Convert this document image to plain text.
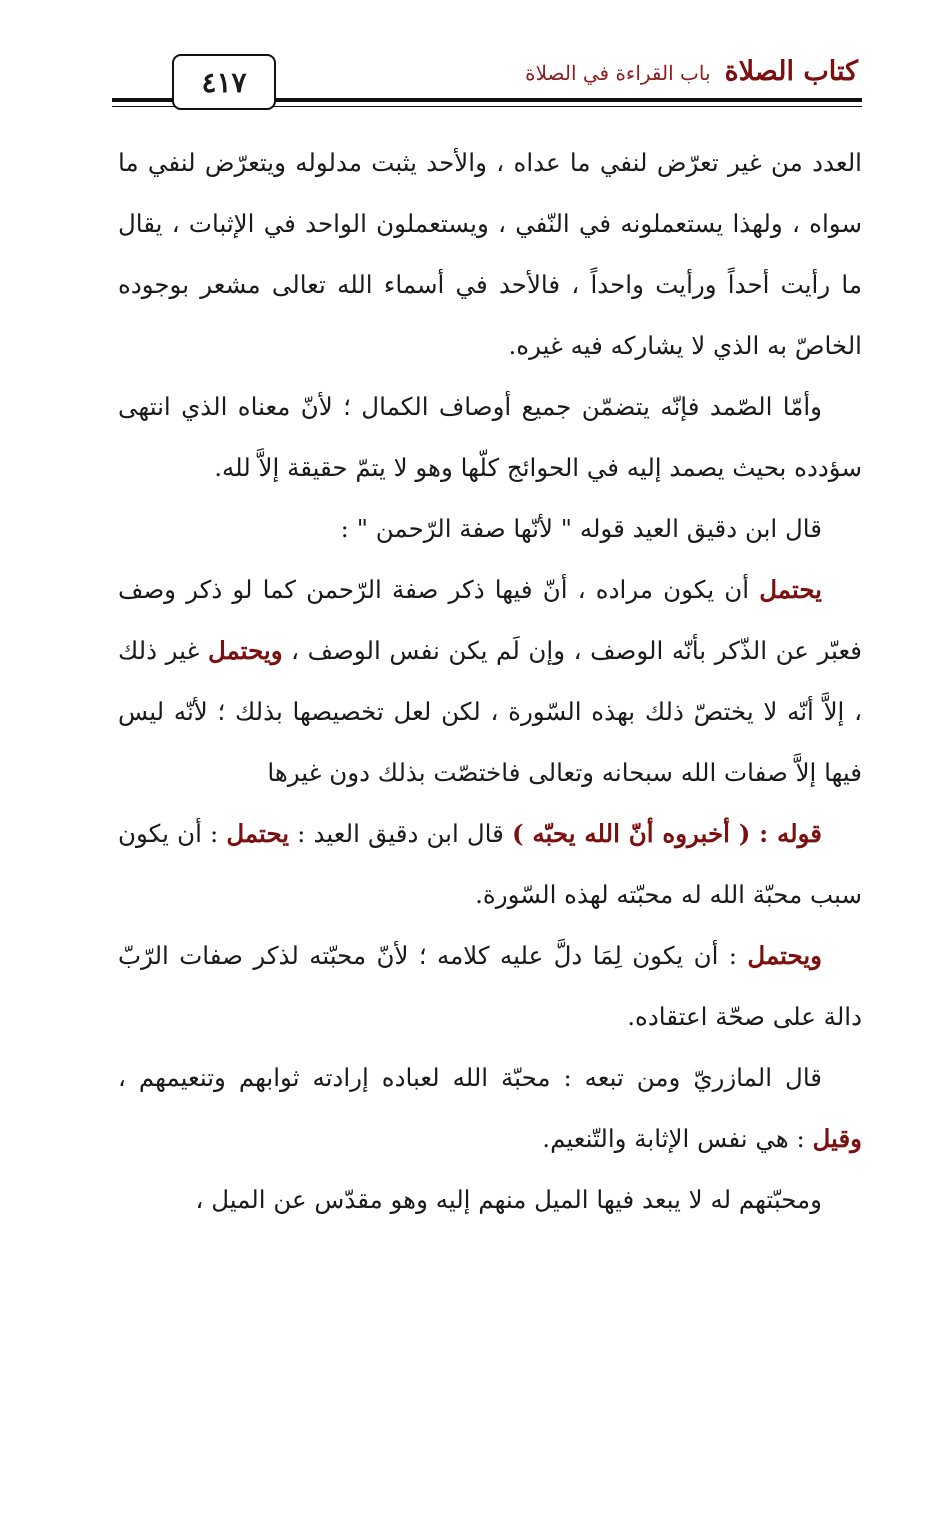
٤١٧	كتاب الصلاة
باب القراءة في الصلاة

العدد من غير تعرّض لنفي ما عداه ، والأحد يثبت مدلوله ويتعرّض لنفي ما سواه ، ولهذا يستعملونه في النّفي ، ويستعملون الواحد في الإثبات ، يقال ما رأيت أحداً ورأيت واحداً ، فالأحد في أسماء الله تعالى مشعر بوجوده الخاصّ به الذي لا يشاركه فيه غيره.

وأمّا الصّمد فإنّه يتضمّن جميع أوصاف الكمال ؛ لأنّ معناه الذي انتهى سؤدده بحيث يصمد إليه في الحوائج كلّها وهو لا يتمّ حقيقة إلاَّ لله.

قال ابن دقيق العيد قوله " لأنّها صفة الرّحمن " :

يحتمل أن يكون مراده ، أنّ فيها ذكر صفة الرّحمن كما لو ذكر وصف فعبّر عن الذّكر بأنّه الوصف ، وإن لَم يكن نفس الوصف ، ويحتمل غير ذلك ، إلاَّ أنّه لا يختصّ ذلك بهذه السّورة ، لكن لعل تخصيصها بذلك ؛ لأنّه ليس فيها إلاَّ صفات الله سبحانه وتعالى فاختصّت بذلك دون غيرها

قوله : ( أخبروه أنّ الله يحبّه ) قال ابن دقيق العيد : يحتمل : أن يكون سبب محبّة الله له محبّته لهذه السّورة.

ويحتمل : أن يكون لِمَا دلَّ عليه كلامه ؛ لأنّ محبّته لذكر صفات الرّبّ دالة على صحّة اعتقاده.

قال المازريّ ومن تبعه : محبّة الله لعباده إرادته ثوابهم وتنعيمهم ، وقيل : هي نفس الإثابة والتّنعيم.

ومحبّتهم له لا يبعد فيها الميل منهم إليه وهو مقدّس عن الميل ،
